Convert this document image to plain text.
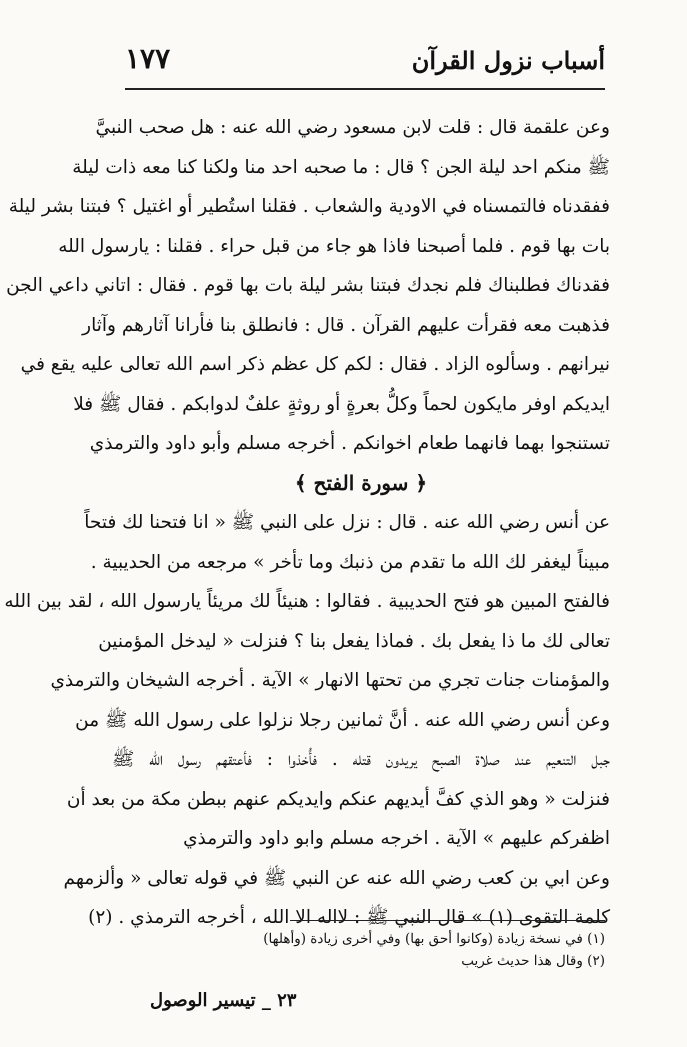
أسباب نزول القرآن
١٧٧
وعن علقمة قال : قلت لابن مسعود رضي الله عنه : هل صحب النبيَّ
ﷺ منكم احد ليلة الجن ؟ قال : ما صحبه احد منا ولكنا كنا معه ذات ليلة
ففقدناه فالتمسناه في الاودية والشعاب . فقلنا استُطير أو اغتيل ؟ فبتنا بشر ليلة
بات بها قوم . فلما أصبحنا فاذا هو جاء من قبل حراء . فقلنا : يارسول الله
فقدناك فطلبناك فلم نجدك فبتنا بشر ليلة بات بها قوم . فقال : اتاني داعي الجن
فذهبت معه فقرأت عليهم القرآن . قال : فانطلق بنا فأرانا آثارهم وآثار
نيرانهم . وسألوه الزاد . فقال : لكم كل عظم ذكر اسم الله تعالى عليه يقع في
ايديكم اوفر مايكون لحماً وكلُّ بعرةٍ أو روثةٍ علفٌ لدوابكم . فقال ﷺ فلا
تستنجوا بهما فانهما طعام اخوانكم . أخرجه مسلم وأبو داود والترمذي
﴿ سورة الفتح ﴾
عن أنس رضي الله عنه . قال : نزل على النبي ﷺ « انا فتحنا لك فتحاً
مبيناً ليغفر لك الله ما تقدم من ذنبك وما تأخر » مرجعه من الحديبية .
فالفتح المبين هو فتح الحديبية . فقالوا : هنيئاً لك مريئاً يارسول الله ، لقد بين الله
تعالى لك ما ذا يفعل بك . فماذا يفعل بنا ؟ فنزلت « ليدخل المؤمنين
والمؤمنات جنات تجري من تحتها الانهار » الآية . أخرجه الشيخان والترمذي
وعن أنس رضي الله عنه . أنَّ ثمانين رجلا نزلوا على رسول الله ﷺ من
جبل التنعيم عند صلاة الصبح يريدون قتله . فأُخذوا : فأعتقهم رسول الله ﷺ
فنزلت « وهو الذي كفَّ أيديهم عنكم وايديكم عنهم ببطن مكة من بعد أن
اظفركم عليهم » الآية . اخرجه مسلم وابو داود والترمذي
وعن ابي بن كعب رضي الله عنه عن النبي ﷺ في قوله تعالى « وألزمهم
كلمة التقوى (١) » قال النبي ﷺ : لااله الا الله ، أخرجه الترمذي . (٢)
(١) في نسخة زيادة (وكانوا أحق بها) وفي أخرى زيادة (وأهلها)
(٢) وقال هذا حديث غريب
٢٣ _ تيسير الوصول
